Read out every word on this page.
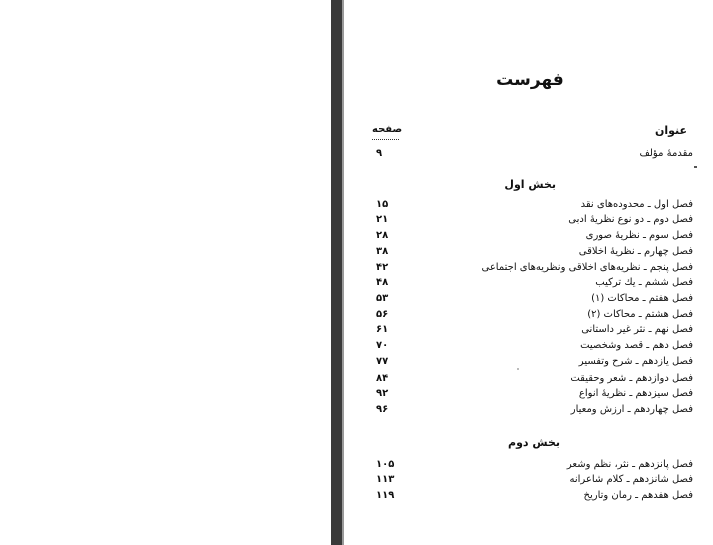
فهرست
عنوان
صفحه
مقدمهٔ مؤلف
۹
بخش اول
فصل اول ـ محدوده‌های نقد
۱۵
فصل دوم ـ دو نوع نظریهٔ ادبی
۲۱
فصل سوم ـ نظریهٔ صوری
۲۸
فصل چهارم ـ نظریهٔ اخلاقی
۳۸
فصل پنجم ـ نظریه‌های اخلاقی ونظریه‌های اجتماعی
۴۲
فصل ششم ـ یك تركیب
۴۸
فصل هفتم ـ محاكات (۱)
۵۳
فصل هشتم ـ محاكات (۲)
۵۶
فصل نهم ـ نثر غیر داستانی
۶۱
فصل دهم ـ قصد وشخصیت
۷۰
فصل یازدهم ـ شرح وتفسیر
۷۷
فصل دوازدهم ـ شعر وحقیقت
۸۴
فصل سیزدهم ـ نظریهٔ انواع
۹۲
فصل چهاردهم ـ ارزش ومعیار
۹۶
بخش دوم
فصل پانزدهم ـ نثر، نظم وشعر
۱۰۵
فصل شانزدهم ـ كلام شاعرانه
۱۱۳
فصل هفدهم ـ رمان وتاریخ
۱۱۹
